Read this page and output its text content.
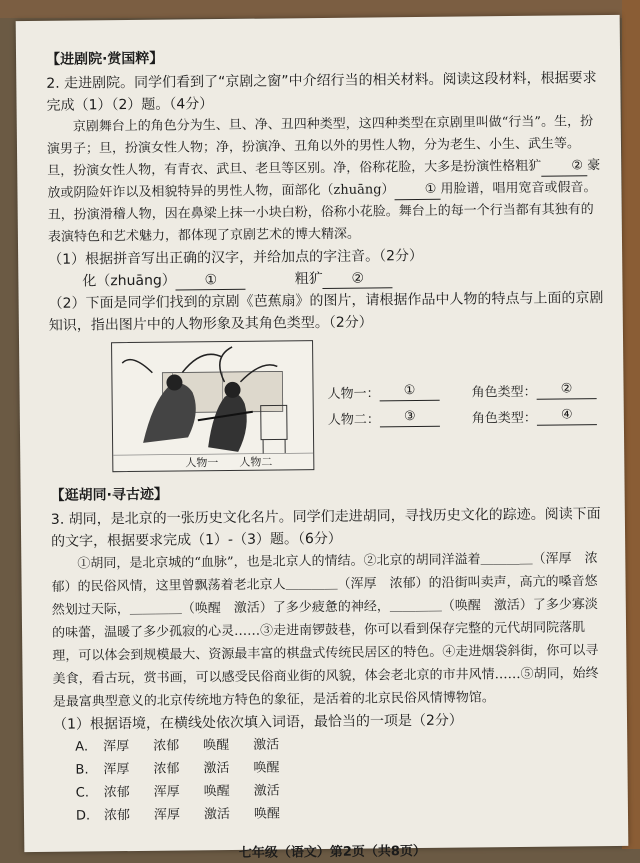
【进剧院·赏国粹】
2. 走进剧院。同学们看到了“京剧之窗”中介绍行当的相关材料。阅读这段材料，根据要求完成（1）（2）题。（4分）
京剧舞台上的角色分为生、旦、净、丑四种类型，这四种类型在京剧里叫做“行当”。生，扮演男子；旦，扮演女性人物；净，扮演净、丑角以外的男性人物，分为老生、小生、武生等。旦，扮演女性人物，有青衣、武旦、老旦等区别。净，俗称花脸，大多是扮演性格粗犷 ② 豪放或阴险奸诈以及相貌特异的男性人物，面部化（zhuāng） ① 用脸谱，唱用宽音或假音。丑，扮演滑稽人物，因在鼻梁上抹一小块白粉，俗称小花脸。舞台上的每一个行当都有其独有的表演特色和艺术魅力，都体现了京剧艺术的博大精深。
（1）根据拼音写出正确的汉字，并给加点的字注音。（2分）
化（zhuāng） ①	粗犷 ②
（2）下面是同学们找到的京剧《芭蕉扇》的图片，请根据作品中人物的特点与上面的京剧知识，指出图片中的人物形象及其角色类型。（2分）
人物一 人物二
人物一：	①	角色类型：	②
人物二：	③	角色类型：	④
【逛胡同·寻古迹】
3. 胡同，是北京的一张历史文化名片。同学们走进胡同，寻找历史文化的踪迹。阅读下面的文字，根据要求完成（1）-（3）题。（6分）
①胡同，是北京城的“血脉”，也是北京人的情结。②北京的胡同洋溢着＿＿＿＿（浑厚　浓郁）的民俗风情，这里曾飘荡着老北京人＿＿＿＿（浑厚　浓郁）的沿街叫卖声，高亢的嗓音悠然划过天际，＿＿＿＿（唤醒　激活）了多少疲惫的神经，＿＿＿＿（唤醒　激活）了多少寡淡的味蕾，温暖了多少孤寂的心灵……③走进南锣鼓巷，你可以看到保存完整的元代胡同院落肌理，可以体会到规模最大、资源最丰富的棋盘式传统民居区的特色。④走进烟袋斜街，你可以寻美食，看古玩，赏书画，可以感受民俗商业街的风貌，体会老北京的市井风情……⑤胡同，始终是最富典型意义的北京传统地方特色的象征，是活着的北京民俗风情博物馆。
（1）根据语境，在横线处依次填入词语，最恰当的一项是（2分）
A.	浑厚	浓郁	唤醒	激活
B.	浑厚	浓郁	激活	唤醒
C.	浓郁	浑厚	唤醒	激活
D.	浓郁	浑厚	激活	唤醒
七年级（语文）第2页（共8页）
